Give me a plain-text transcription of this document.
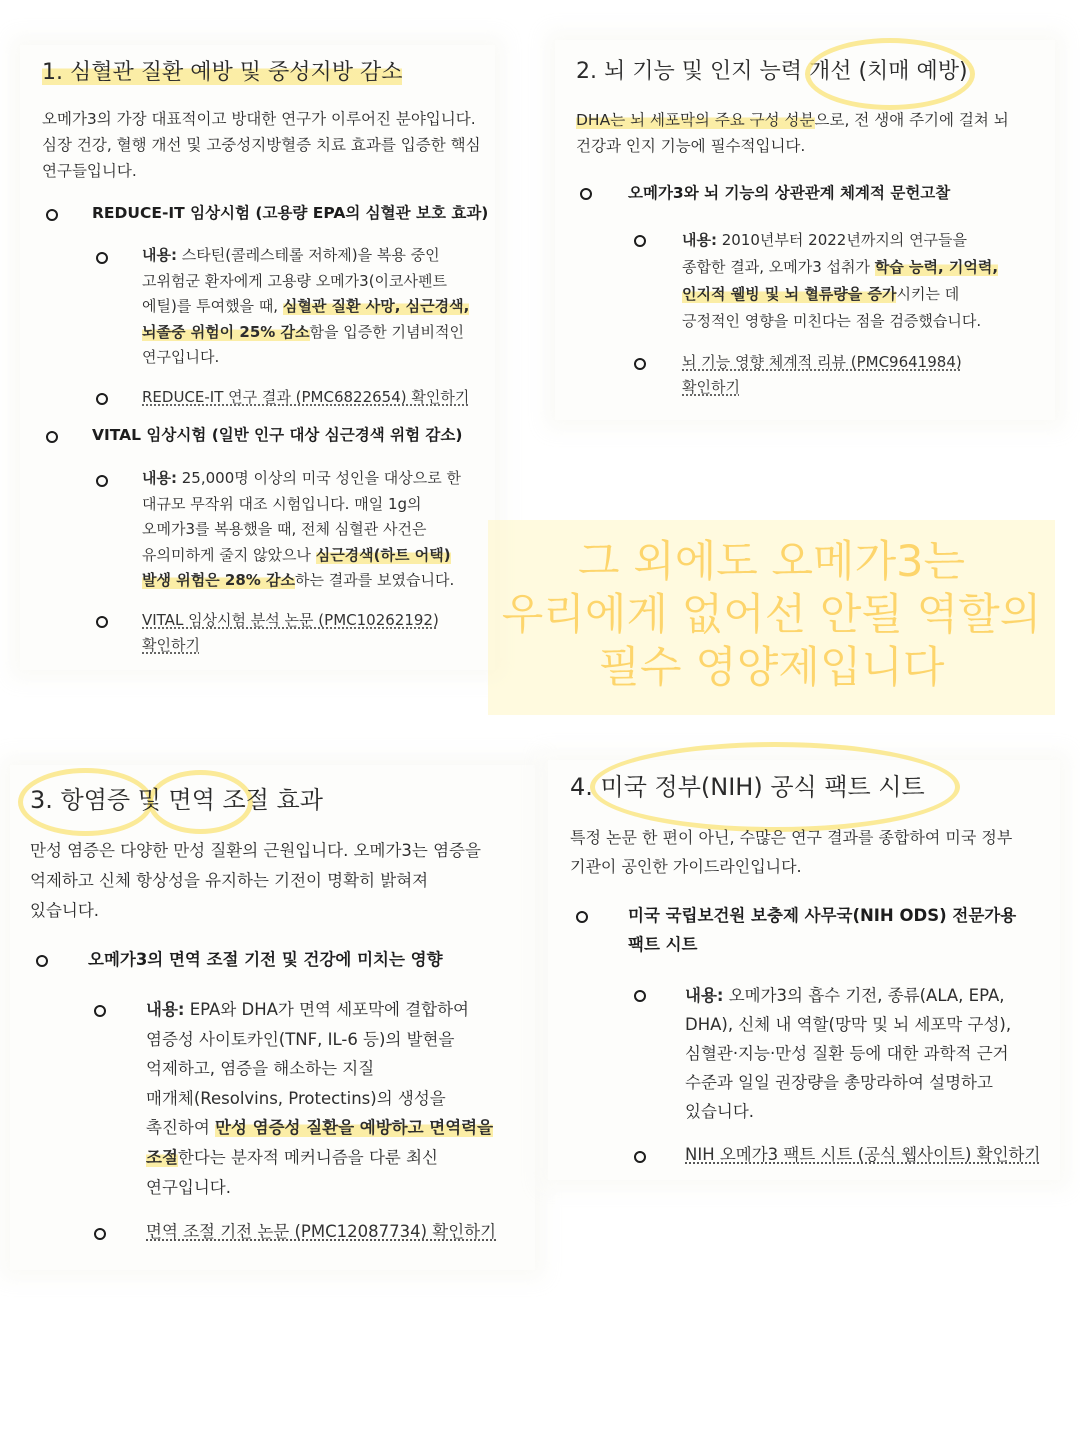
1. 심혈관 질환 예방 및 중성지방 감소
오메가3의 가장 대표적이고 방대한 연구가 이루어진 분야입니다.
심장 건강, 혈행 개선 및 고중성지방혈증 치료 효과를 입증한 핵심
연구들입니다.
REDUCE-IT 임상시험 (고용량 EPA의 심혈관 보호 효과)
내용: 스타틴(콜레스테롤 저하제)을 복용 중인
고위험군 환자에게 고용량 오메가3(이코사펜트
에틸)를 투여했을 때, 심혈관 질환 사망, 심근경색,
뇌졸중 위험이 25% 감소함을 입증한 기념비적인
연구입니다.
REDUCE-IT 연구 결과 (PMC6822654) 확인하기
VITAL 임상시험 (일반 인구 대상 심근경색 위험 감소)
내용: 25,000명 이상의 미국 성인을 대상으로 한
대규모 무작위 대조 시험입니다. 매일 1g의
오메가3를 복용했을 때, 전체 심혈관 사건은
유의미하게 줄지 않았으나 심근경색(하트 어택)
발생 위험은 28% 감소하는 결과를 보였습니다.
VITAL 임상시험 분석 논문 (PMC10262192)
확인하기
2. 뇌 기능 및 인지 능력 개선 (치매 예방)
DHA는 뇌 세포막의 주요 구성 성분으로, 전 생애 주기에 걸쳐 뇌
건강과 인지 기능에 필수적입니다.
오메가3와 뇌 기능의 상관관계 체계적 문헌고찰
내용: 2010년부터 2022년까지의 연구들을
종합한 결과, 오메가3 섭취가 학습 능력, 기억력,
인지적 웰빙 및 뇌 혈류량을 증가시키는 데
긍정적인 영향을 미친다는 점을 검증했습니다.
뇌 기능 영향 체계적 리뷰 (PMC9641984)
확인하기
그 외에도 오메가3는
우리에게 없어선 안될 역할의
필수 영양제입니다
3. 항염증 및 면역 조절 효과
만성 염증은 다양한 만성 질환의 근원입니다. 오메가3는 염증을
억제하고 신체 항상성을 유지하는 기전이 명확히 밝혀져
있습니다.
오메가3의 면역 조절 기전 및 건강에 미치는 영향
내용: EPA와 DHA가 면역 세포막에 결합하여
염증성 사이토카인(TNF, IL-6 등)의 발현을
억제하고, 염증을 해소하는 지질
매개체(Resolvins, Protectins)의 생성을
촉진하여 만성 염증성 질환을 예방하고 면역력을
조절한다는 분자적 메커니즘을 다룬 최신
연구입니다.
면역 조절 기전 논문 (PMC12087734) 확인하기
4. 미국 정부(NIH) 공식 팩트 시트
특정 논문 한 편이 아닌, 수많은 연구 결과를 종합하여 미국 정부
기관이 공인한 가이드라인입니다.
미국 국립보건원 보충제 사무국(NIH ODS) 전문가용
팩트 시트
내용: 오메가3의 흡수 기전, 종류(ALA, EPA,
DHA), 신체 내 역할(망막 및 뇌 세포막 구성),
심혈관·지능·만성 질환 등에 대한 과학적 근거
수준과 일일 권장량을 총망라하여 설명하고
있습니다.
NIH 오메가3 팩트 시트 (공식 웹사이트) 확인하기
